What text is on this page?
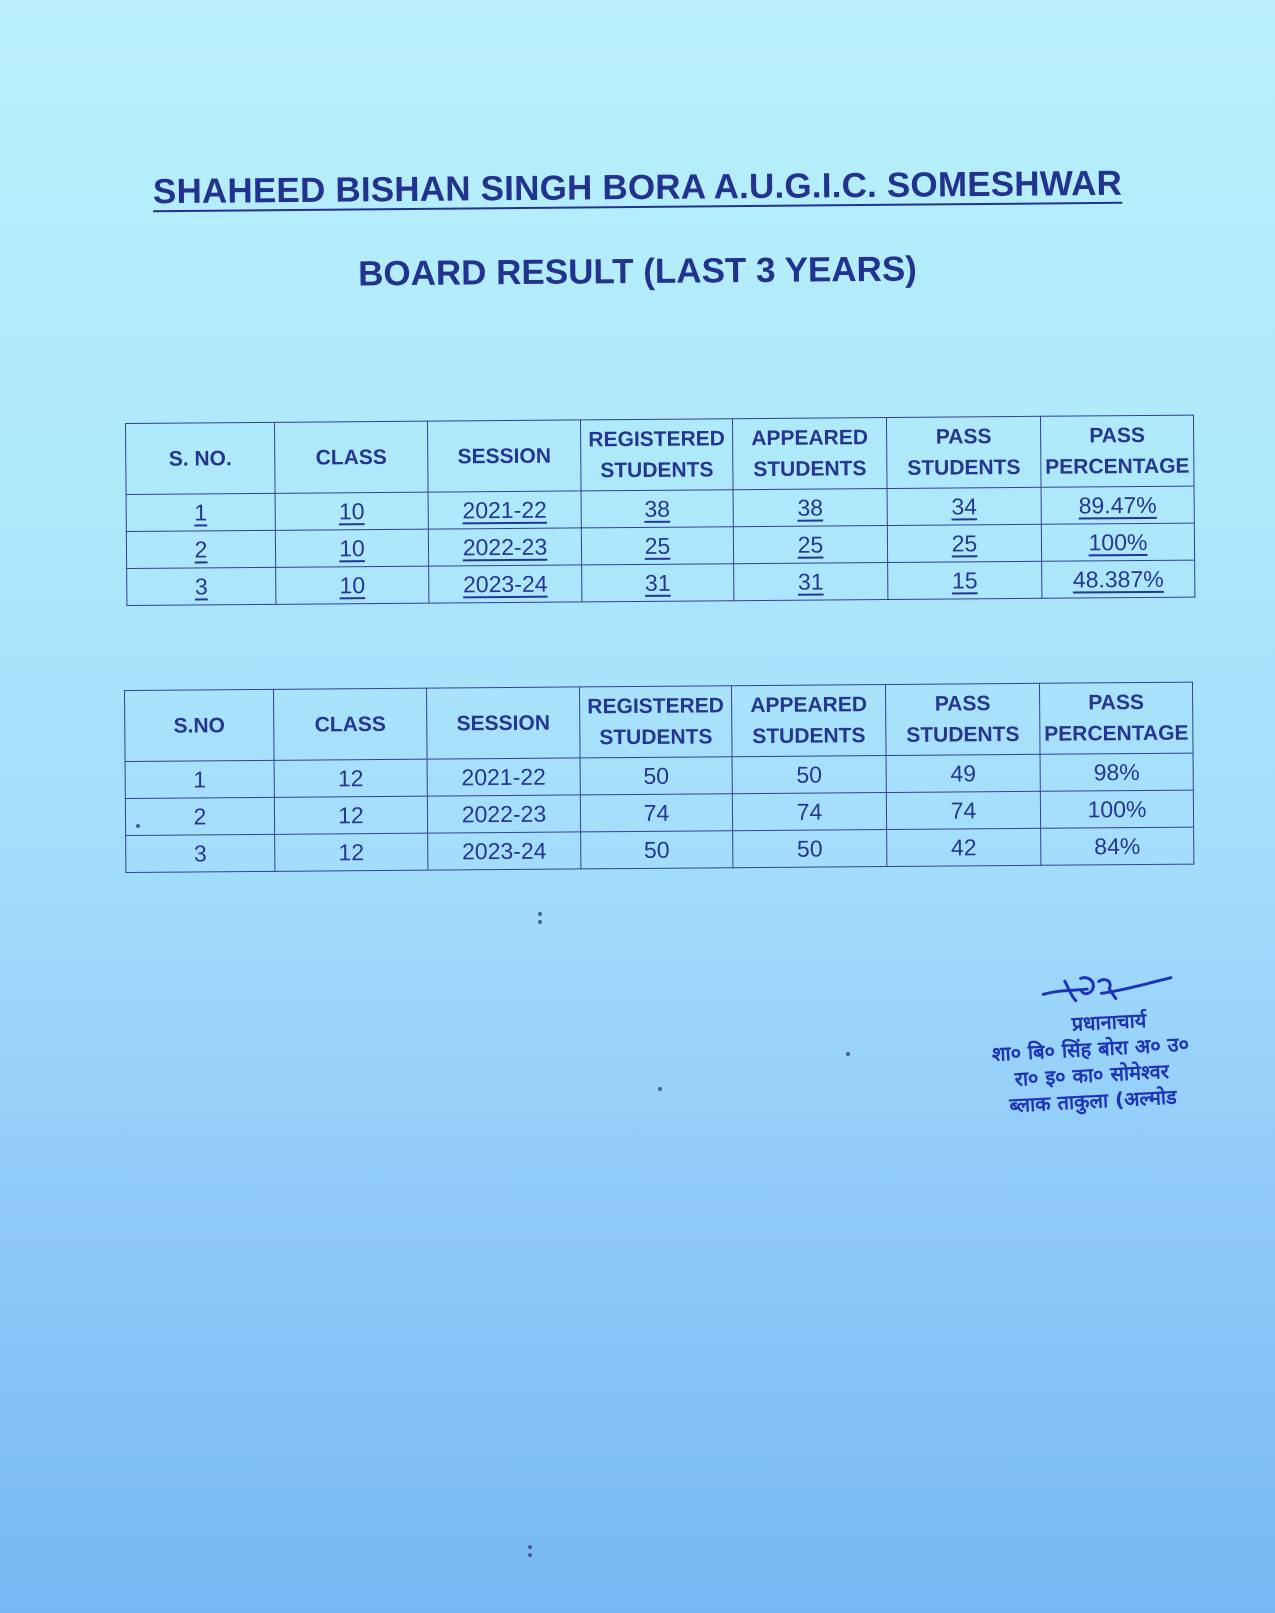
SHAHEED BISHAN SINGH BORA A.U.G.I.C. SOMESHWAR
BOARD RESULT (LAST 3 YEARS)
S. NO.	CLASS	SESSION	REGISTERED STUDENTS	APPEARED STUDENTS	PASS STUDENTS	PASS PERCENTAGE
1	10	2021-22	38	38	34	89.47%
2	10	2022-23	25	25	25	100%
3	10	2023-24	31	31	15	48.387%
S.NO	CLASS	SESSION	REGISTERED STUDENTS	APPEARED STUDENTS	PASS STUDENTS	PASS PERCENTAGE
1	12	2021-22	50	50	49	98%
2	12	2022-23	74	74	74	100%
3	12	2023-24	50	50	42	84%
प्रधानाचार्य
शा० बि० सिंह बोरा अ० उ०
रा० इ० का० सोमेश्वर
ब्लाक ताकुला (अल्मोड
